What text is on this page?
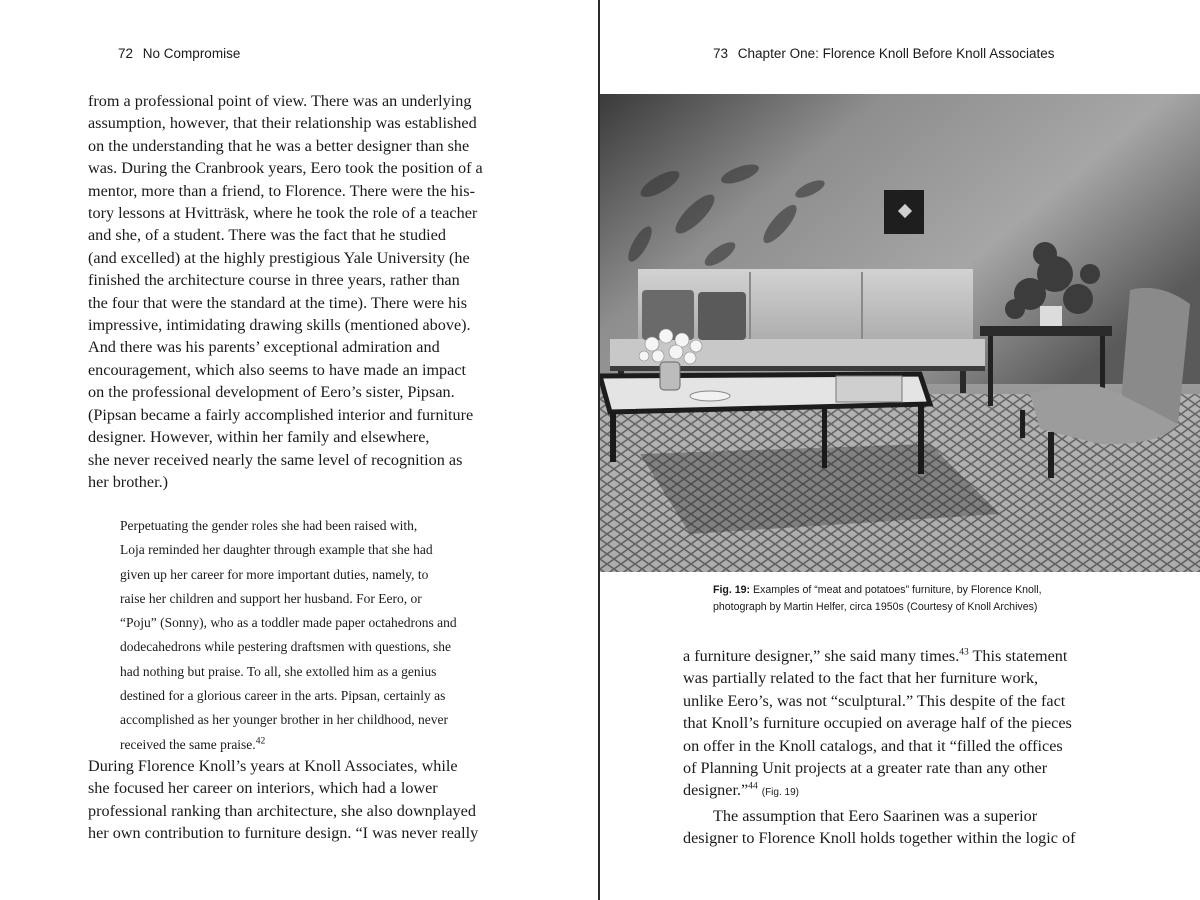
72 No Compromise
from a professional point of view. There was an underlying
assumption, however, that their relationship was established
on the understanding that he was a better designer than she
was. During the Cranbrook years, Eero took the position of a
mentor, more than a friend, to Florence. There were the his-
tory lessons at Hvitträsk, where he took the role of a teacher
and she, of a student. There was the fact that he studied
(and excelled) at the highly prestigious Yale University (he
finished the architecture course in three years, rather than
the four that were the standard at the time). There were his
impressive, intimidating drawing skills (mentioned above).
And there was his parents’ exceptional admiration and
encouragement, which also seems to have made an impact
on the professional development of Eero’s sister, Pipsan.
(Pipsan became a fairly accomplished interior and furniture
designer. However, within her family and elsewhere,
she never received nearly the same level of recognition as
her brother.)
Perpetuating the gender roles she had been raised with,
Loja reminded her daughter through example that she had
given up her career for more important duties, namely, to
raise her children and support her husband. For Eero, or
“Poju” (Sonny), who as a toddler made paper octahedrons and
dodecahedrons while pestering draftsmen with questions, she
had nothing but praise. To all, she extolled him as a genius
destined for a glorious career in the arts. Pipsan, certainly as
accomplished as her younger brother in her childhood, never
received the same praise.$^{42}$
During Florence Knoll’s years at Knoll Associates, while
she focused her career on interiors, which had a lower
professional ranking than architecture, she also downplayed
her own contribution to furniture design. “I was never really
73 Chapter One: Florence Knoll Before Knoll Associates
Fig. 19: Examples of “meat and potatoes” furniture, by Florence Knoll,
photograph by Martin Helfer, circa 1950s (Courtesy of Knoll Archives)
a furniture designer,” she said many times.$^{43}$ This statement
was partially related to the fact that her furniture work,
unlike Eero’s, was not “sculptural.” This despite of the fact
that Knoll’s furniture occupied on average half of the pieces
on offer in the Knoll catalogs, and that it “filled the offices
of Planning Unit projects at a greater rate than any other
designer.”$^{44}$ (Fig. 19)
The assumption that Eero Saarinen was a superior
designer to Florence Knoll holds together within the logic of
